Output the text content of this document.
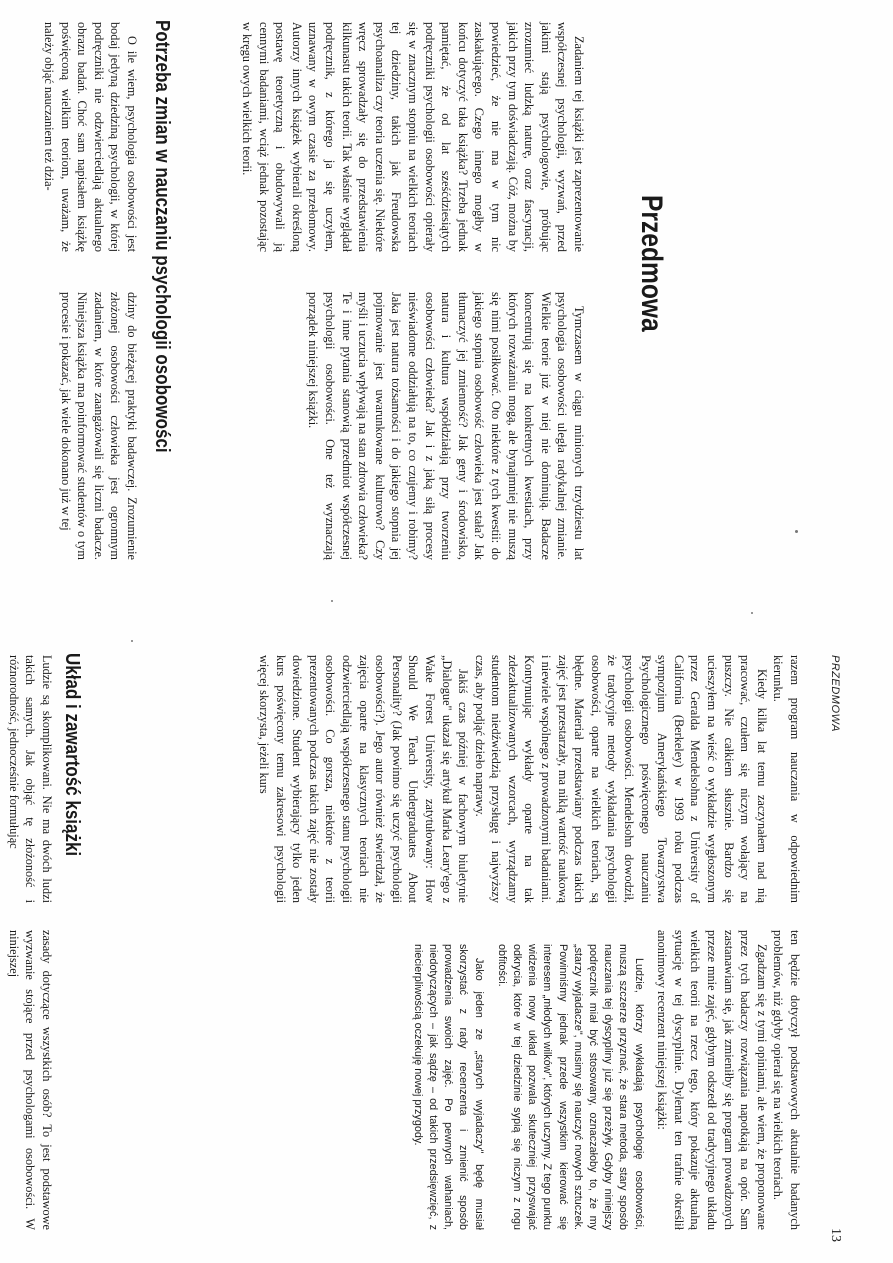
Przedmowa

Zadaniem tej książki jest zaprezentowanie współczesnej psychologii, wyzwań, przed jakimi stają psychologowie, próbując zrozumieć ludzką naturę, oraz fascynacji, jakich przy tym doświadczają. Cóż, można by powiedzieć, że nie ma w tym nic zaskakującego. Czego innego mogłby w końcu dotyczyć taka książka? Trzeba jednak pamiętać, że od lat sześćdziesiątych podręczniki psychologii osobowości opierały się w znacznym stopniu na wielkich teoriach tej dziedziny, takich jak Freudowska psychoanaliza czy teoria uczenia się. Niektóre wręcz sprowadzały się do przedstawienia kilkunastu takich teorii. Tak właśnie wyglądał podręcznik, z którego ja się uczyłem, uznawany w owym czasie za przełomowy. Autorzy innych książek wybierali określoną postawę teoretyczną i obudowywali ją cennymi badaniami, wciąż jednak pozostając w kręgu owych wielkich teorii.

Potrzeba zmian w nauczaniu psychologii osobowości

O ile wiem, psychologia osobowości jest bodaj jedyną dziedziną psychologii, w której podręczniki nie odzwierciedlają aktualnego obrazu badań. Choć sam napisałem książkę poświęconą wielkim teoriom, uważam, że należy objąć nauczaniem też dzia-

Tymczasem w ciągu minionych trzydziestu lat psychologia osobowości uległa radykalnej zmianie. Wielkie teorie już w niej nie dominują. Badacze koncentrują się na konkretnych kwestiach, przy których rozważaniu mogą, ale bynajmniej nie muszą się nimi posiłkować. Oto niektóre z tych kwestii: do jakiego stopnia osobowość człowieka jest stała? Jak tłumaczyć jej zmienność? Jak geny i środowisko, natura i kultura współdziałają przy tworzeniu osobowości człowieka? Jak i z jaką siłą procesy nieświadome oddziałują na to, co czujemy i robimy? Jaka jest natura tożsamości i do jakiego stopnia jej pojmowanie jest uwarunkowane kulturowo? Czy myśli i uczucia wpływają na stan zdrowia człowieka? Te i inne pytania stanowią przedmiot współczesnej psychologii osobowości. One też wyznaczają porządek niniejszej książki.

dziny do bieżącej praktyki badawczej. Zrozumienie złożonej osobowości człowieka jest ogromnym zadaniem, w które zaangażowali się liczni badacze. Niniejsza książka ma poinformować studentów o tym procesie i pokazać, jak wiele dokonano już w tej

PRZEDMOWA
13

razem program nauczania w odpowiednim kierunku.

Kiedy kilka lat temu zaczynałem nad nią pracować, czułem się niczym wołający na puszczy. Nie całkiem słusznie. Bardzo się ucieszyłem na wieść o wykładzie wygłoszonym przez Geralda Mendelsohna z University of California (Berkeley) w 1993 roku podczas sympozjum Amerykańskiego Towarzystwa Psychologicznego poświęconego nauczaniu psychologii osobowości. Mendelsohn dowodził, że tradycyjne metody wykładania psychologii osobowości, oparte na wielkich teoriach, są błędne. Materiał przedstawiany podczas takich zajęć jest przestarzały, ma niklą wartość naukową i niewiele wspólnego z prowadzonymi badaniami. Kontynuując wykłady oparte na tak zdezaktualizowanych wzorcach, wyrządzamy studentom niedźwiedzią przysługę i najwyższy czas, aby podjąć dzieło naprawy.

Jakiś czas później w fachowym biuletynie „Dialogue" ukazał się artykuł Marka Leary'ego z Wake Forest University, zatytułowany: How Should We Teach Undergraduates About Personality? (Jak powinno się uczyć psychologii osobowości?). Jego autor również stwierdzał, że zajęcia oparte na klasycznych teoriach nie odzwierciedlają współczesnego stanu psychologii osobowości. Co gorsza, niektóre z teorii prezentowanych podczas takich zajęć nie zostały dowiedzione. Student wybierający tylko jeden kurs poświęcony temu zakresowi psychologii więcej skorzysta, jeżeli kurs

Układ i zawartość książki

Ludzie są skomplikowani. Nie ma dwóch ludzi takich samych. Jak objąć tę złożoność i różnorodność, jednocześnie formułując

ten będzie dotyczył podstawowych aktualnie badanych problemów, niż gdyby opierał się na wielkich teoriach.

Zgadzam się z tymi opiniami, ale wiem, że proponowane przez tych badaczy rozwiązania napotkają na opór. Sam zastanawiam się, jak zmieniłby się program prowadzonych przeze mnie zajęć, gdybym odszedł od tradycyjnego układu wielkich teorii na rzecz tego, który pokazuje aktualną sytuację w tej dyscyplinie. Dylemat ten trafnie określił anonimowy recenzent niniejszej książki:

Ludzie, którzy wykładają psychologię osobowości, muszą szczerze przyznać, że stara metoda, stary sposób nauczania tej dyscypliny już się przeżyły. Gdyby niniejszy podręcznik miał być stosowany, oznaczałoby to, że my „starzy wyjadacze", musimy się nauczyć nowych sztuczek. Powinniśmy jednak przede wszystkim kierować się interesem „młodych wilków", których uczymy. Z tego punktu widzenia nowy układ pozwala skuteczniej przyswajać odkrycia, które w tej dziedzinie sypią się niczym z rogu obfitości.

Jako jeden ze „starych wyjadaczy" będę musiał skorzystać z rady recenzenta i zmienić sposób prowadzenia swoich zajęć. Po pewnych wahaniach, niedotyczących – jak sądzę – od takich przedsięwzięć, z niecierpliwością oczekuję nowej przygody.

zasady dotyczące wszystkich osób? To jest podstawowe wyzwanie stojące przed psychologami osobowości. W niniejszej
